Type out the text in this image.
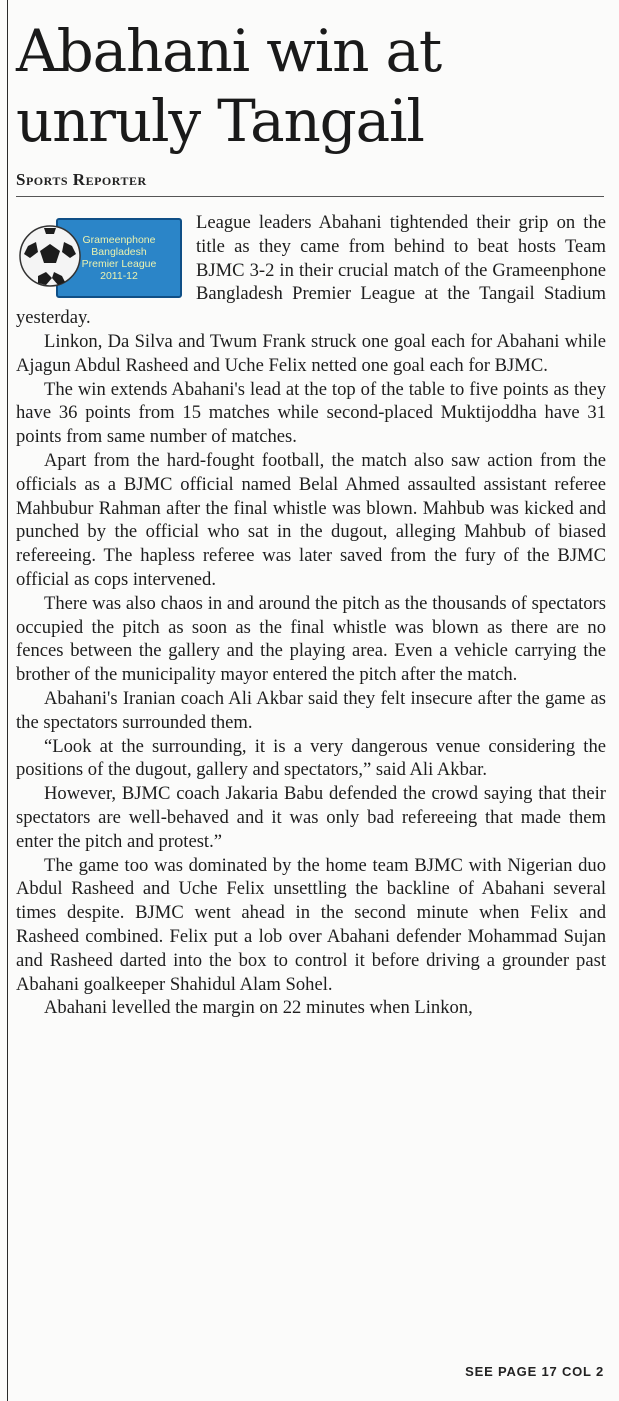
Abahani win at
unruly Tangail
Sports Reporter
Grameenphone
Bangladesh
Premier League
2011-12

League leaders Abahani tightended their grip on the title as they came from behind to beat hosts Team BJMC 3-2 in their crucial match of the Grameenphone Bangladesh Premier League at the Tangail Stadium yesterday.

Linkon, Da Silva and Twum Frank struck one goal each for Abahani while Ajagun Abdul Rasheed and Uche Felix netted one goal each for BJMC.

The win extends Abahani's lead at the top of the table to five points as they have 36 points from 15 matches while second-placed Muktijoddha have 31 points from same number of matches.

Apart from the hard-fought football, the match also saw action from the officials as a BJMC official named Belal Ahmed assaulted assistant referee Mahbubur Rahman after the final whistle was blown. Mahbub was kicked and punched by the official who sat in the dugout, alleging Mahbub of biased refereeing. The hapless referee was later saved from the fury of the BJMC official as cops intervened.

There was also chaos in and around the pitch as the thousands of spectators occupied the pitch as soon as the final whistle was blown as there are no fences between the gallery and the playing area. Even a vehicle carrying the brother of the municipality mayor entered the pitch after the match.

Abahani's Iranian coach Ali Akbar said they felt insecure after the game as the spectators surrounded them.

“Look at the surrounding, it is a very dangerous venue considering the positions of the dugout, gallery and spectators,” said Ali Akbar.

However, BJMC coach Jakaria Babu defended the crowd saying that their spectators are well-behaved and it was only bad refereeing that made them enter the pitch and protest.”

The game too was dominated by the home team BJMC with Nigerian duo Abdul Rasheed and Uche Felix unsettling the backline of Abahani several times despite. BJMC went ahead in the second minute when Felix and Rasheed combined. Felix put a lob over Abahani defender Mohammad Sujan and Rasheed darted into the box to control it before driving a grounder past Abahani goalkeeper Shahidul Alam Sohel.

Abahani levelled the margin on 22 minutes when Linkon,

SEE PAGE 17 COL 2
